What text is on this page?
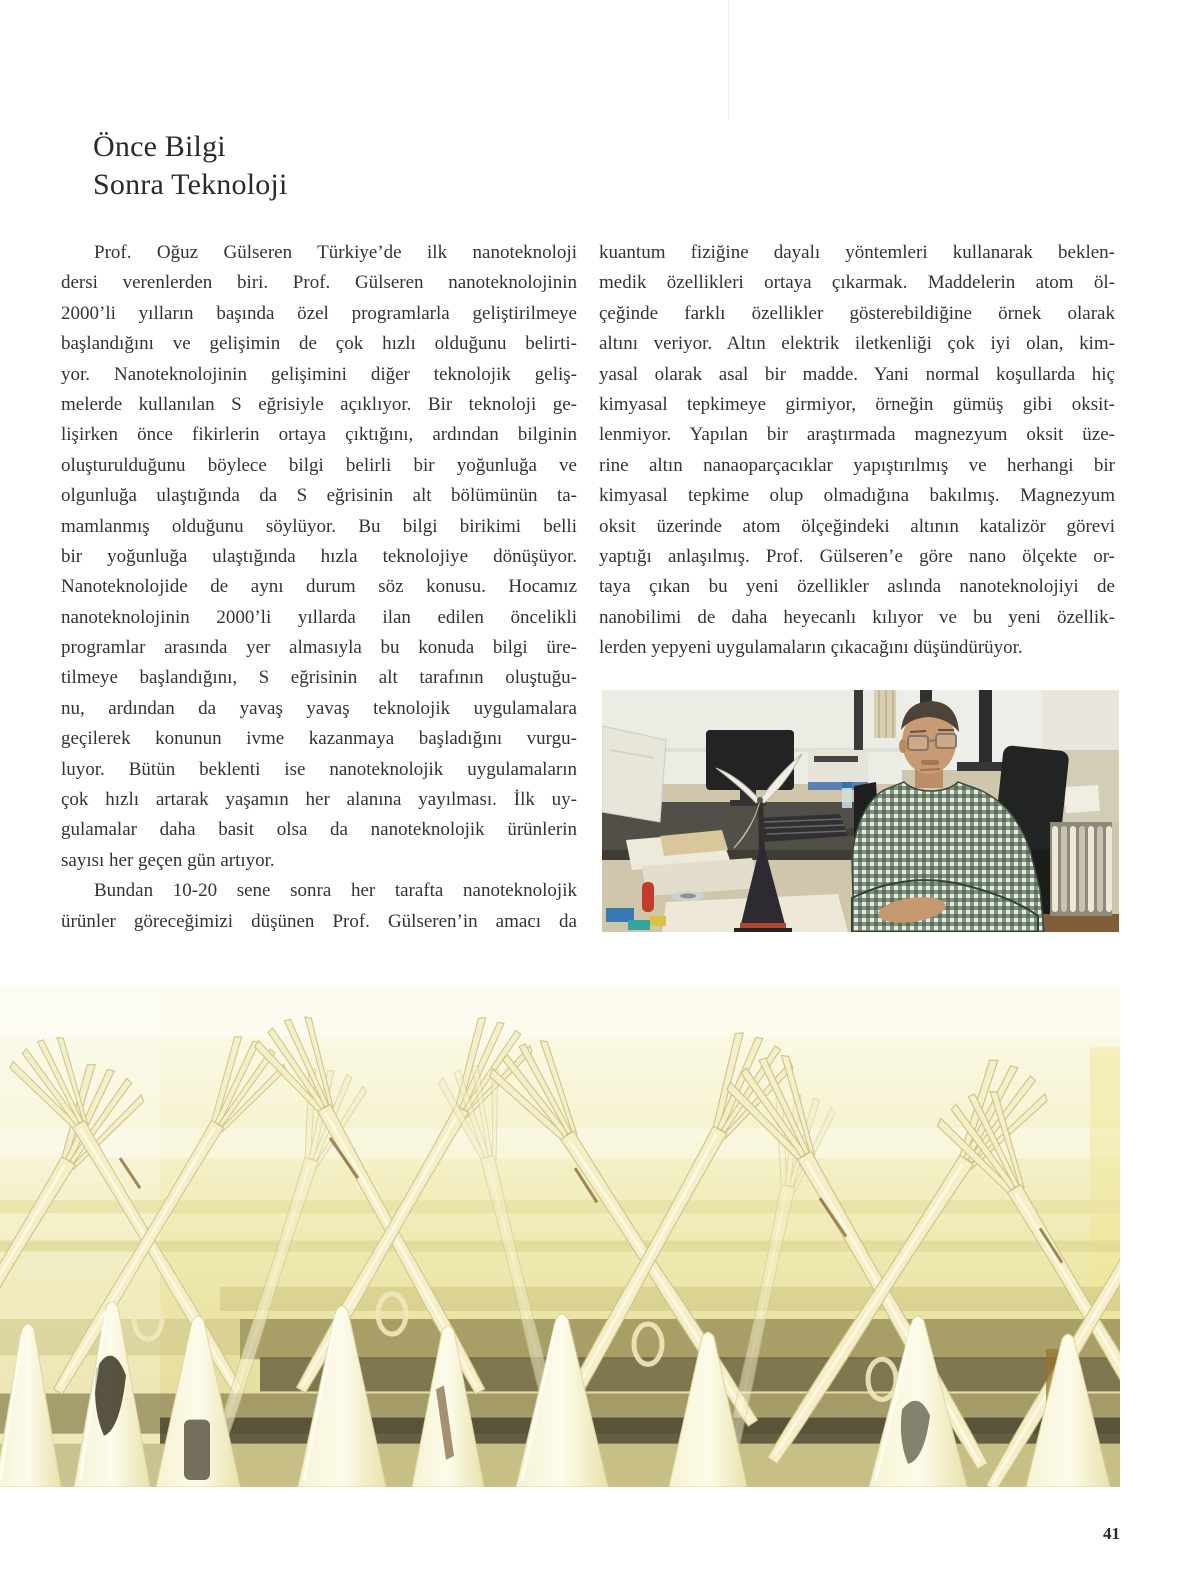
Önce Bilgi
Sonra Teknoloji
Prof. Oğuz Gülseren Türkiye’de ilk nanoteknoloji
dersi verenlerden biri. Prof. Gülseren nanoteknolojinin
2000’li yılların başında özel programlarla geliştirilmeye
başlandığını ve gelişimin de çok hızlı olduğunu belirti-
yor. Nanoteknolojinin gelişimini diğer teknolojik geliş-
melerde kullanılan S eğrisiyle açıklıyor. Bir teknoloji ge-
lişirken önce fikirlerin ortaya çıktığını, ardından bilginin
oluşturulduğunu böylece bilgi belirli bir yoğunluğa ve
olgunluğa ulaştığında da S eğrisinin alt bölümünün ta-
mamlanmış olduğunu söylüyor. Bu bilgi birikimi belli
bir yoğunluğa ulaştığında hızla teknolojiye dönüşüyor.
Nanoteknolojide de aynı durum söz konusu. Hocamız
nanoteknolojinin 2000’li yıllarda ilan edilen öncelikli
programlar arasında yer almasıyla bu konuda bilgi üre-
tilmeye başlandığını, S eğrisinin alt tarafının oluştuğu-
nu, ardından da yavaş yavaş teknolojik uygulamalara
geçilerek konunun ivme kazanmaya başladığını vurgu-
luyor. Bütün beklenti ise nanoteknolojik uygulamaların
çok hızlı artarak yaşamın her alanına yayılması. İlk uy-
gulamalar daha basit olsa da nanoteknolojik ürünlerin
sayısı her geçen gün artıyor.
Bundan 10-20 sene sonra her tarafta nanoteknolojik
ürünler göreceğimizi düşünen Prof. Gülseren’in amacı da
kuantum fiziğine dayalı yöntemleri kullanarak beklen-
medik özellikleri ortaya çıkarmak. Maddelerin atom öl-
çeğinde farklı özellikler gösterebildiğine örnek olarak
altını veriyor. Altın elektrik iletkenliği çok iyi olan, kim-
yasal olarak asal bir madde. Yani normal koşullarda hiç
kimyasal tepkimeye girmiyor, örneğin gümüş gibi oksit-
lenmiyor. Yapılan bir araştırmada magnezyum oksit üze-
rine altın nanaoparçacıklar yapıştırılmış ve herhangi bir
kimyasal tepkime olup olmadığına bakılmış. Magnezyum
oksit üzerinde atom ölçeğindeki altının katalizör görevi
yaptığı anlaşılmış. Prof. Gülseren’e göre nano ölçekte or-
taya çıkan bu yeni özellikler aslında nanoteknolojiyi de
nanobilimi de daha heyecanlı kılıyor ve bu yeni özellik-
lerden yepyeni uygulamaların çıkacağını düşündürüyor.
41
